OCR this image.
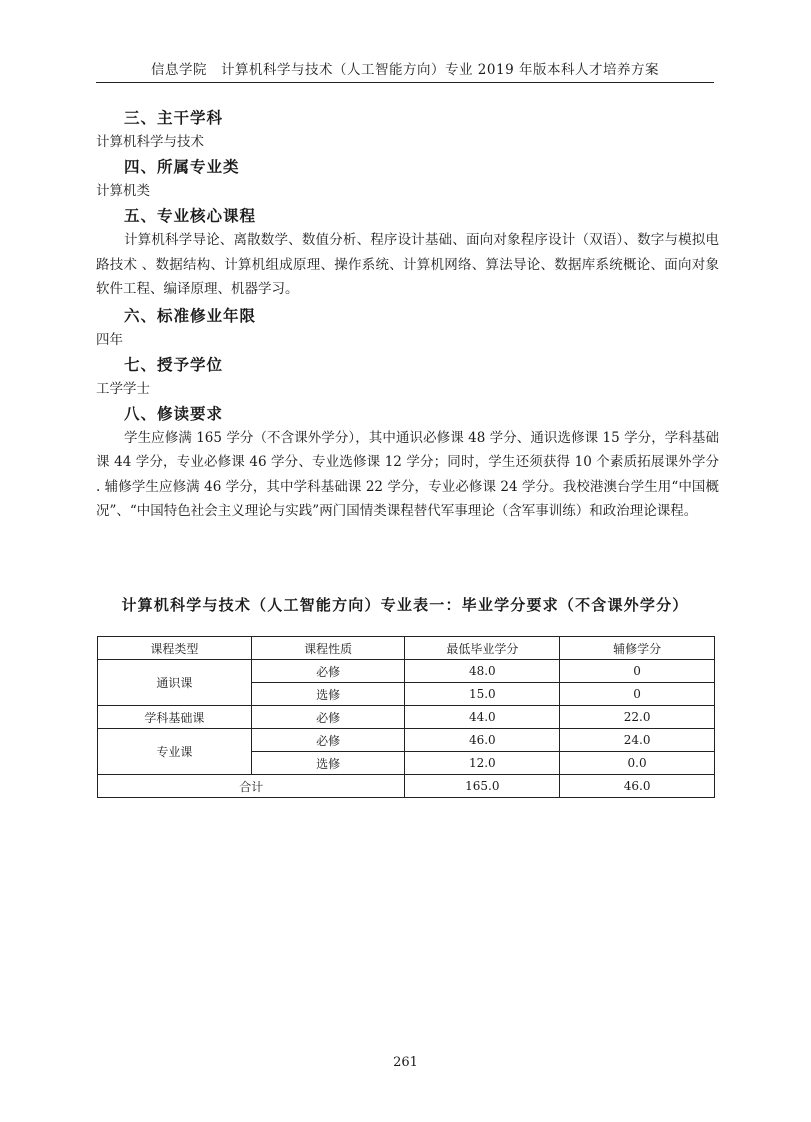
信息学院　计算机科学与技术（人工智能方向）专业 2019 年版本科人才培养方案

三、主干学科

计算机科学与技术

四、所属专业类

计算机类

五、专业核心课程

计算机科学导论、离散数学、数值分析、程序设计基础、面向对象程序设计（双语）、数字与模拟电路技术 、数据结构、计算机组成原理、操作系统、计算机网络、算法导论、数据库系统概论、面向对象软件工程、编译原理、机器学习。

六、标准修业年限

四年

七、授予学位

工学学士

八、修读要求

学生应修满 165 学分（不含课外学分），其中通识必修课 48 学分、通识选修课 15 学分，学科基础课 44 学分，专业必修课 46 学分、专业选修课 12 学分；同时，学生还须获得 10 个素质拓展课外学分 . 辅修学生应修满 46 学分，其中学科基础课 22 学分，专业必修课 24 学分。我校港澳台学生用“中国概况”、“中国特色社会主义理论与实践”两门国情类课程替代军事理论（含军事训练）和政治理论课程。

计算机科学与技术（人工智能方向）专业表一：毕业学分要求（不含课外学分）
课程类型	课程性质	最低毕业学分	辅修学分
通识课	必修	48.0	0
	选修	15.0	0
学科基础课	必修	44.0	22.0
专业课	必修	46.0	24.0
	选修	12.0	0.0
合计		165.0	46.0
261
